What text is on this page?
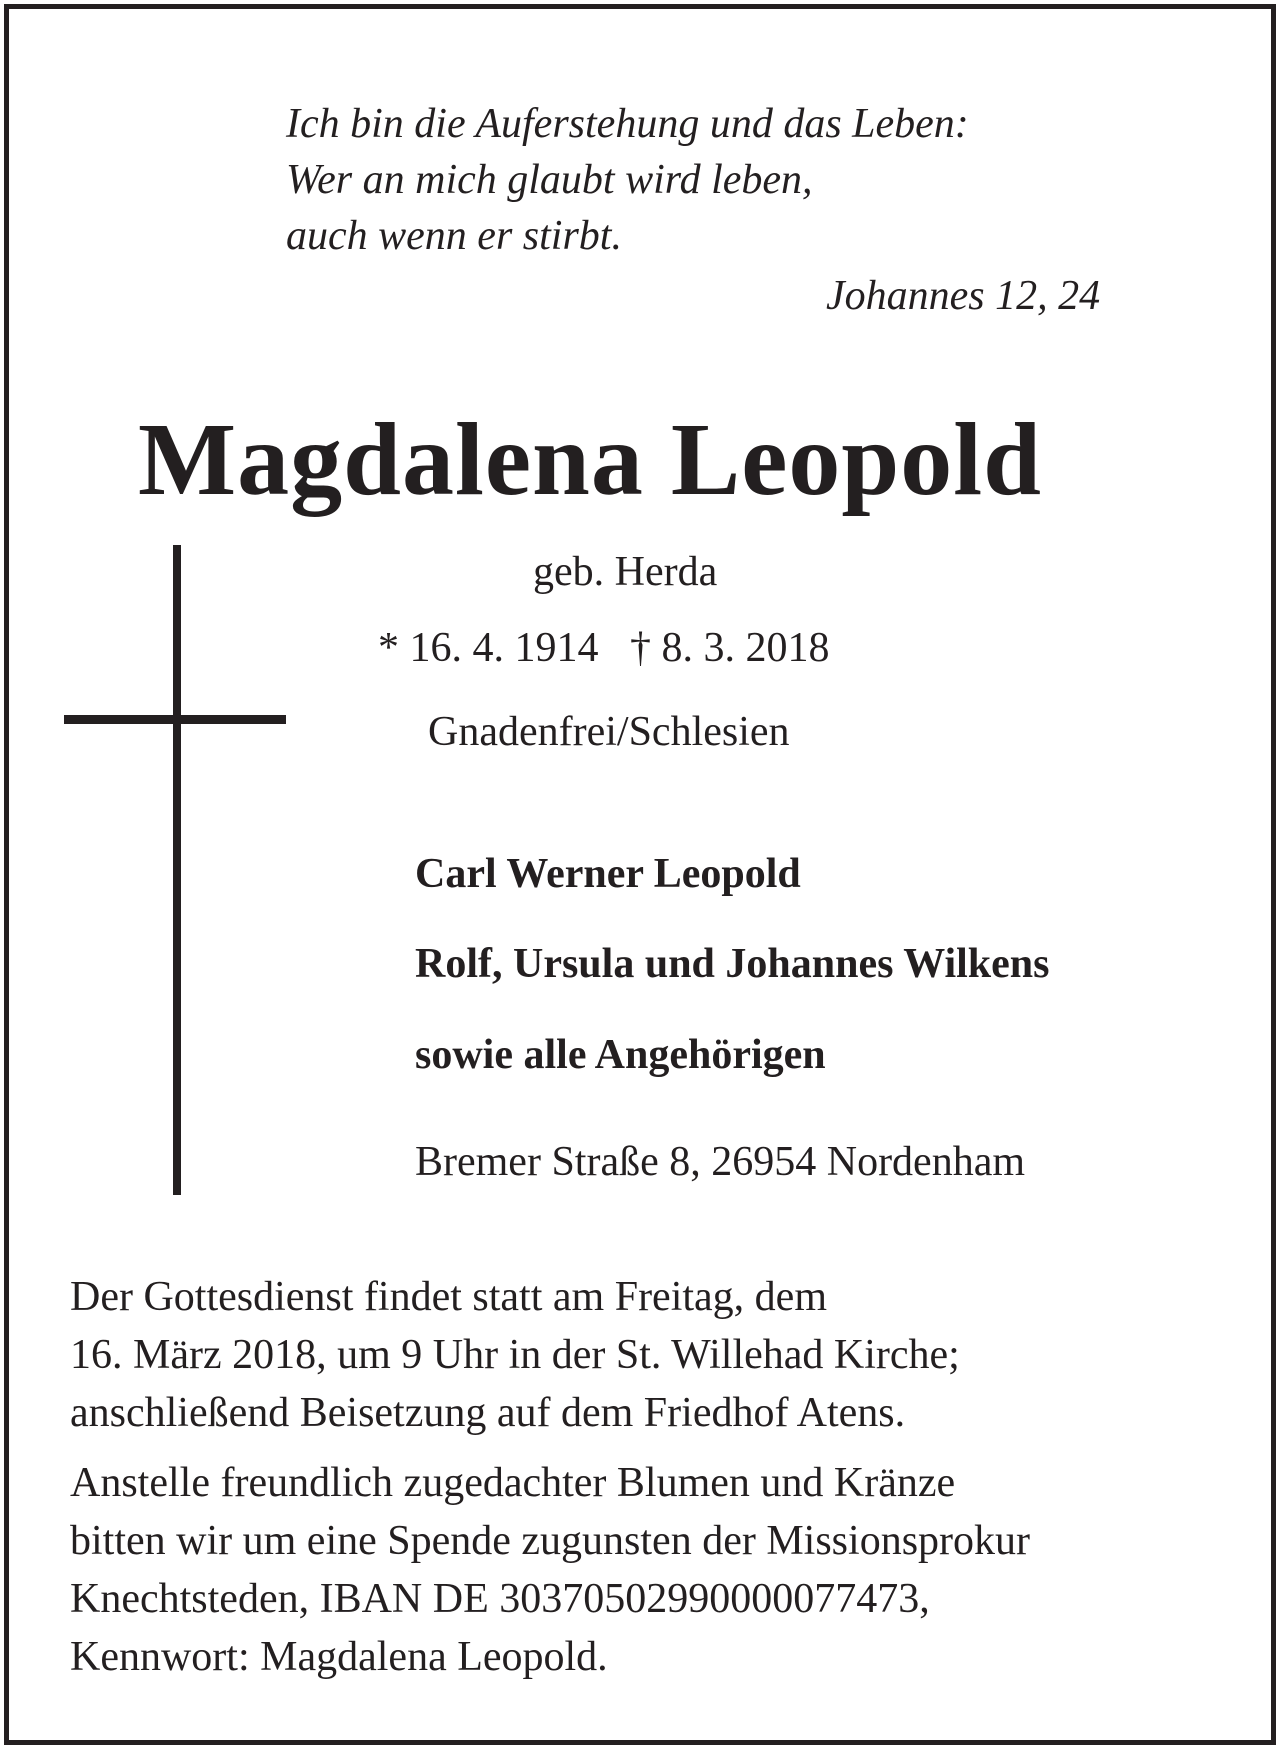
Ich bin die Auferstehung und das Leben:
Wer an mich glaubt wird leben,
auch wenn er stirbt.
Johannes 12, 24
Magdalena Leopold
geb. Herda
* 16. 4. 1914   † 8. 3. 2018
Gnadenfrei/Schlesien
Carl Werner Leopold
Rolf, Ursula und Johannes Wilkens
sowie alle Angehörigen
Bremer Straße 8, 26954 Nordenham
Der Gottesdienst findet statt am Freitag, dem
16. März 2018, um 9 Uhr in der St. Willehad Kirche;
anschließend Beisetzung auf dem Friedhof Atens.
Anstelle freundlich zugedachter Blumen und Kränze
bitten wir um eine Spende zugunsten der Missionsprokur
Knechtsteden, IBAN DE 30370502990000077473,
Kennwort: Magdalena Leopold.
